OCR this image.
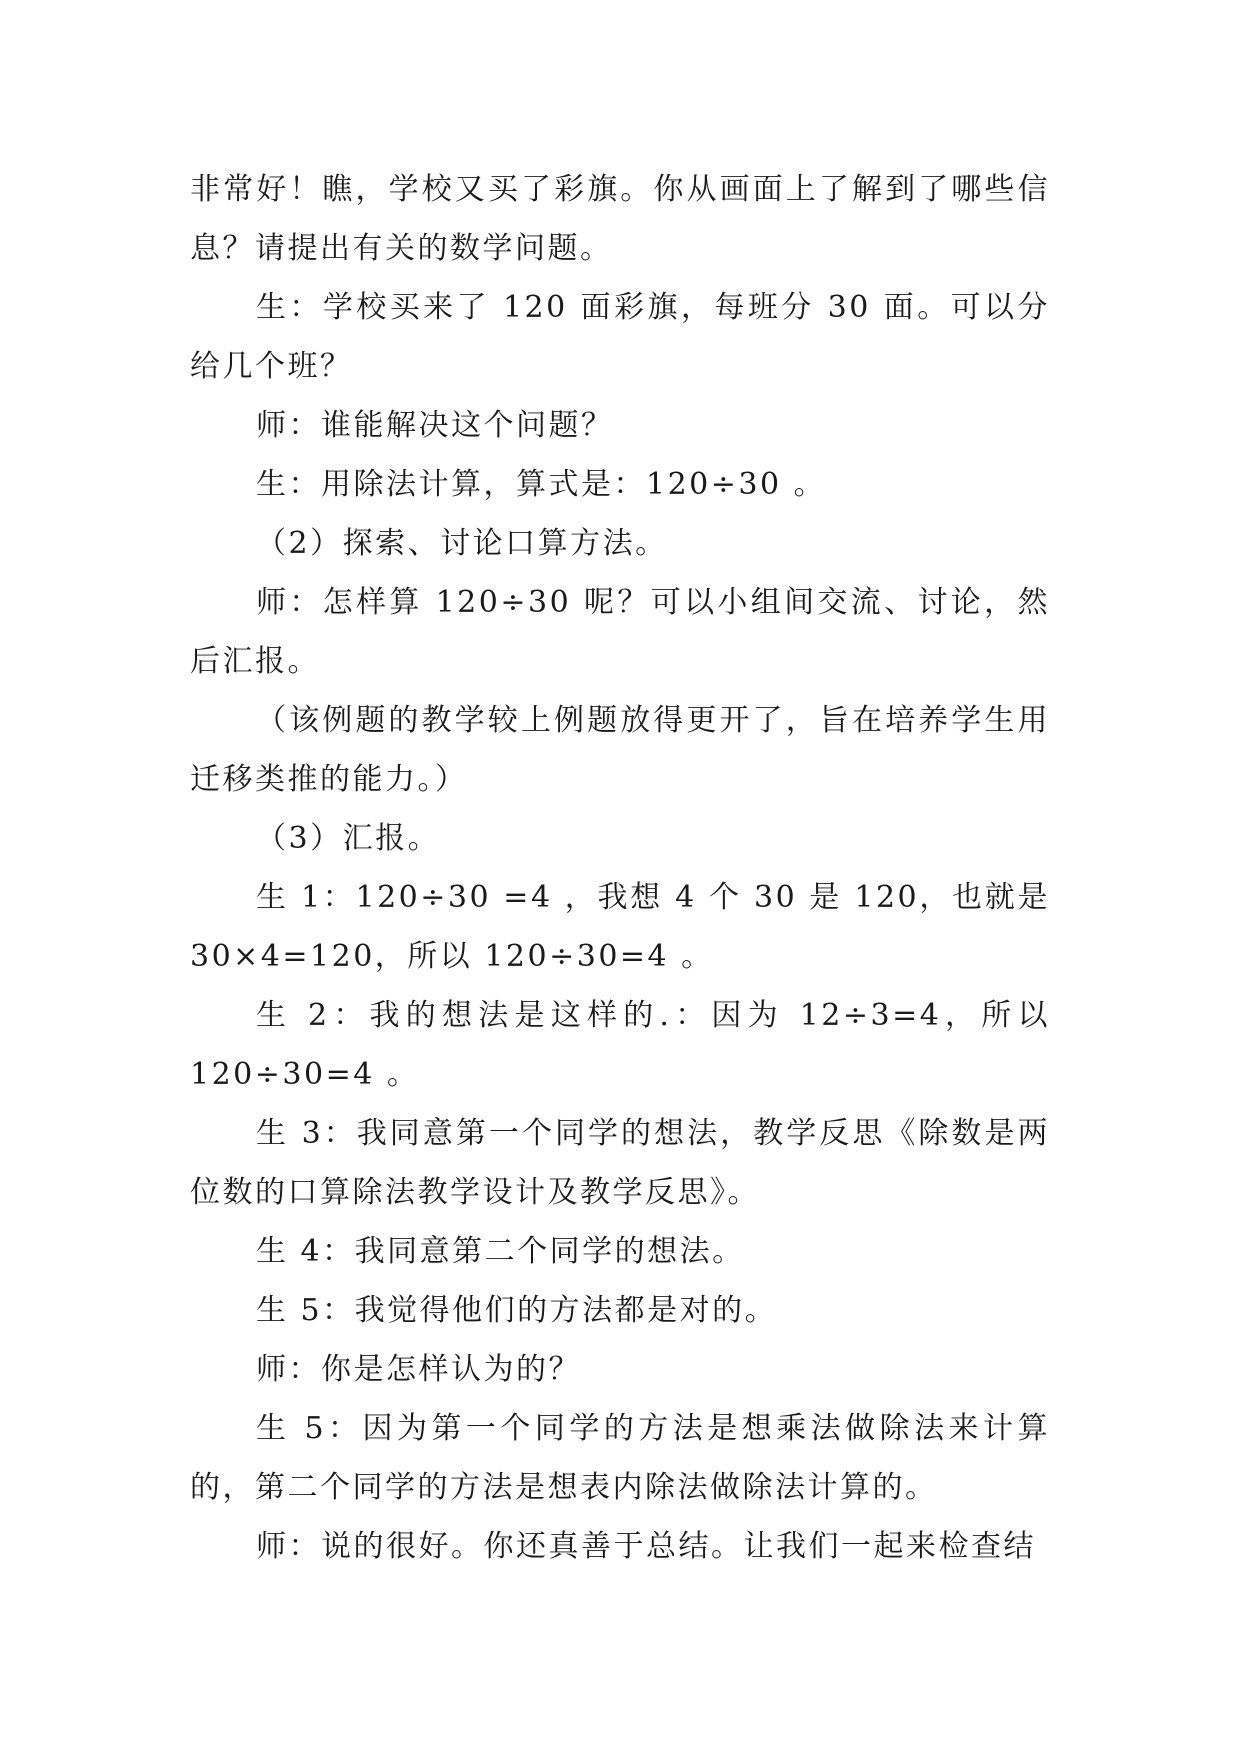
非常好！瞧，学校又买了彩旗。你从画面上了解到了哪些信息？请提出有关的数学问题。

生：学校买来了 120 面彩旗，每班分 30 面。可以分给几个班？

师：谁能解决这个问题？

生：用除法计算，算式是：120÷30 。

（2）探索、讨论口算方法。

师：怎样算 120÷30 呢？可以小组间交流、讨论，然后汇报。

（该例题的教学较上例题放得更开了，旨在培养学生用迁移类推的能力。）

（3）汇报。

生 1：120÷30 =4 ，我想 4 个 30 是 120，也就是 30×4=120，所以 120÷30=4 。

生 2：我的想法是这样的.：因为 12÷3=4，所以 120÷30=4 。

生 3：我同意第一个同学的想法，教学反思《除数是两位数的口算除法教学设计及教学反思》。

生 4：我同意第二个同学的想法。

生 5：我觉得他们的方法都是对的。

师：你是怎样认为的？

生 5：因为第一个同学的方法是想乘法做除法来计算的，第二个同学的方法是想表内除法做除法计算的。

师：说的很好。你还真善于总结。让我们一起来检查结
